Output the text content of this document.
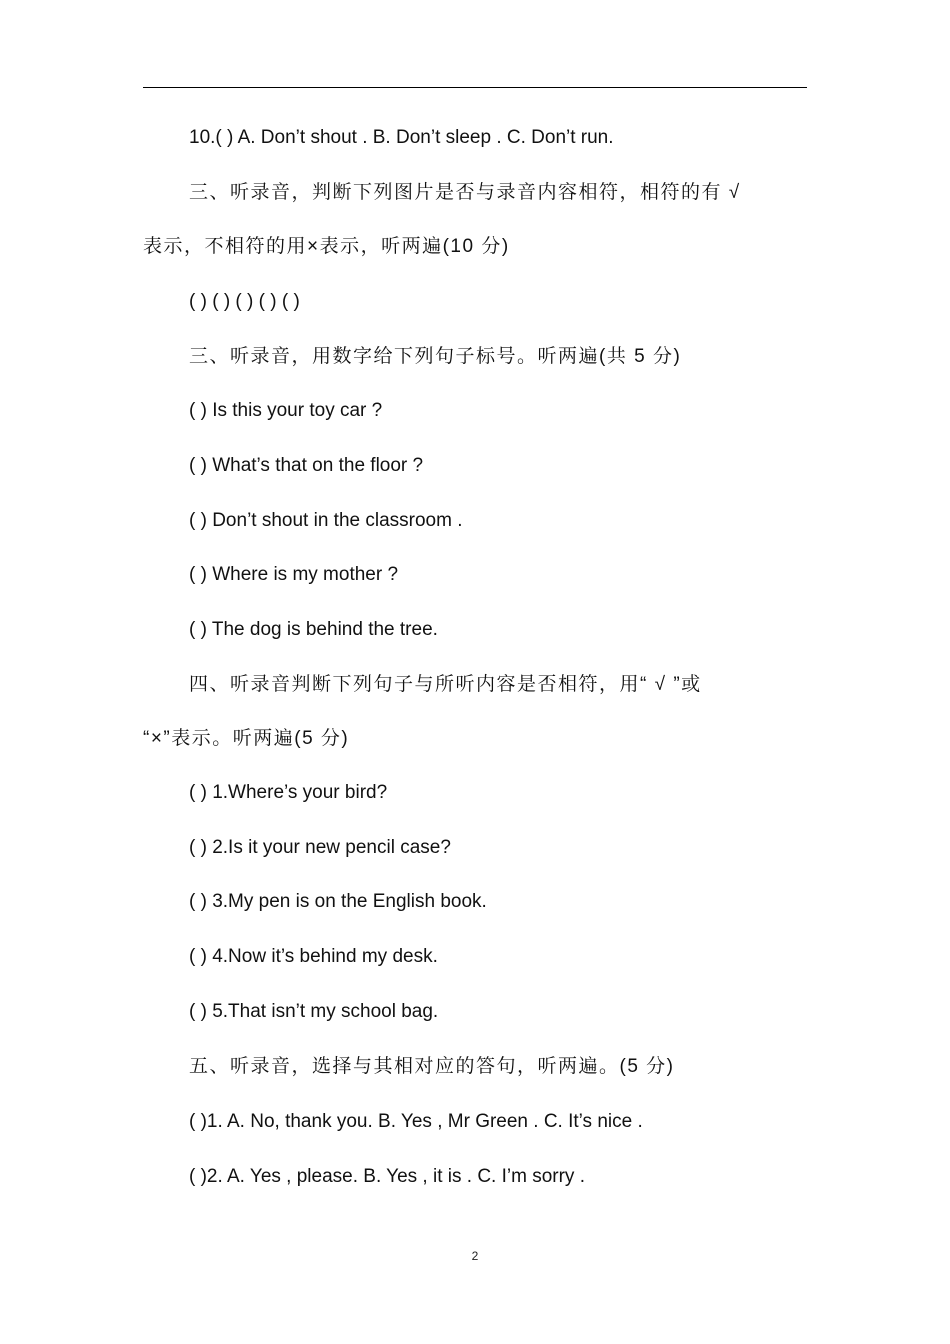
10.( ) A. Don’t shout . B. Don’t sleep . C. Don’t run.
三、听录音，判断下列图片是否与录音内容相符，相符的有 √
表示，不相符的用×表示，听两遍(10 分)
( ) ( ) ( ) ( ) ( )
三、听录音，用数字给下列句子标号。听两遍(共 5 分)
( ) Is this your toy car ?
( ) What’s that on the floor ?
( ) Don’t shout in the classroom .
( ) Where is my mother ?
( ) The dog is behind the tree.
四、听录音判断下列句子与所听内容是否相符，用“ √ ”或
“×”表示。听两遍(5 分)
( ) 1.Where’s your bird?
( ) 2.Is it your new pencil case?
( ) 3.My pen is on the English book.
( ) 4.Now it’s behind my desk.
( ) 5.That isn’t my school bag.
五、听录音，选择与其相对应的答句，听两遍。(5 分)
( )1. A. No, thank you. B. Yes , Mr Green . C. It’s nice .
( )2. A. Yes , please. B. Yes , it is . C. I’m sorry .
2
